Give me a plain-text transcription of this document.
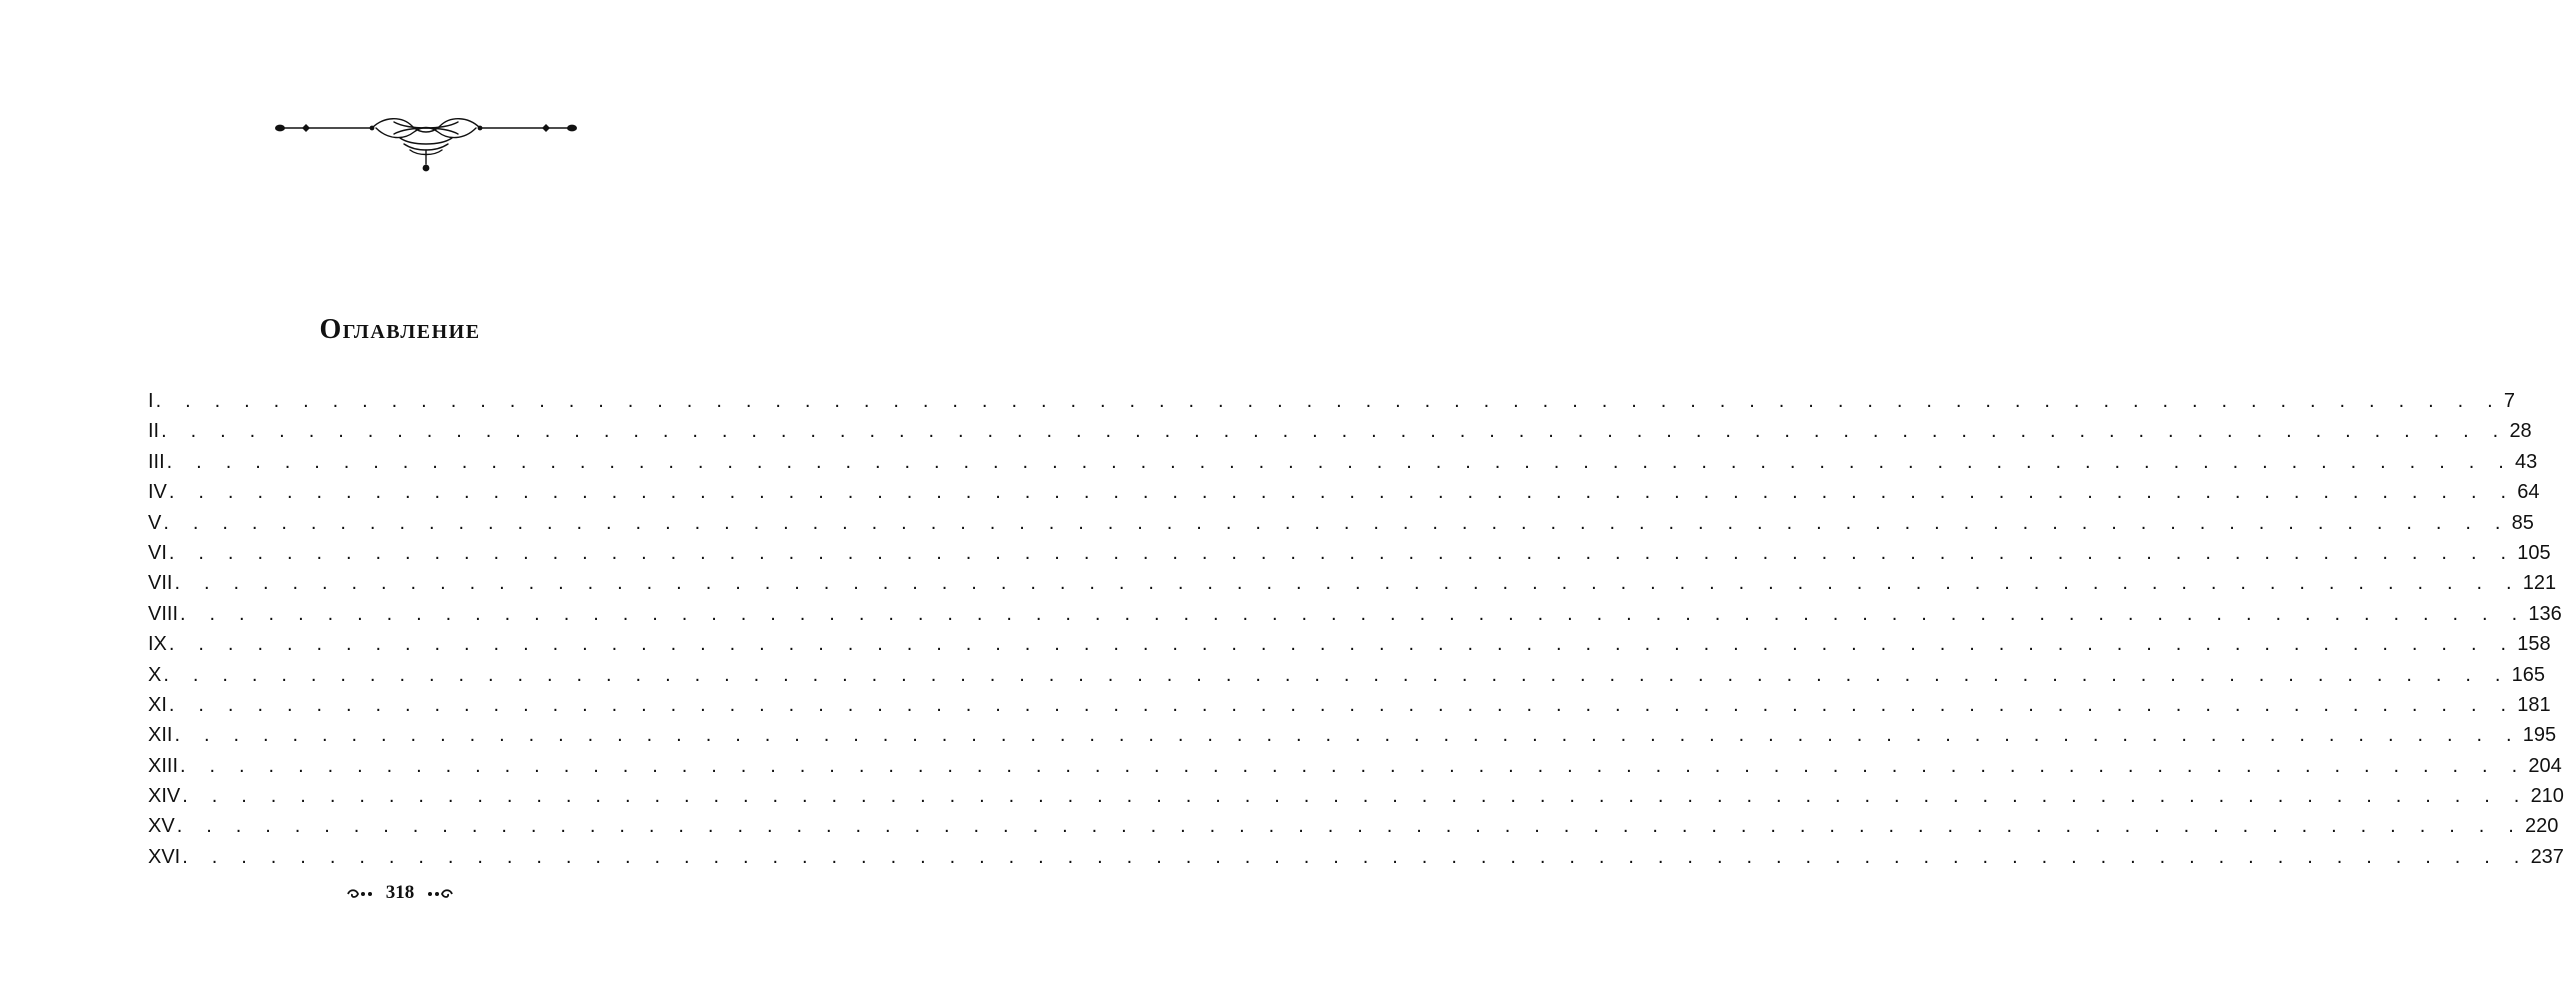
Оглавление
I . . . . . . . . . . . . . . . . . . . . . . . . . . . . . . . . . . . . . . . . . . . . . . . . . . . . . . . . . . . . . . . . . . . . . . . . . . . . . . . . 7
II . . . . . . . . . . . . . . . . . . . . . . . . . . . . . . . . . . . . . . . . . . . . . . . . . . . . . . . . . . . . . . . . . . . . . . . . . . . . . . . . 28
III . . . . . . . . . . . . . . . . . . . . . . . . . . . . . . . . . . . . . . . . . . . . . . . . . . . . . . . . . . . . . . . . . . . . . . . . . . . . . . . . 43
IV . . . . . . . . . . . . . . . . . . . . . . . . . . . . . . . . . . . . . . . . . . . . . . . . . . . . . . . . . . . . . . . . . . . . . . . . . . . . . . . . 64
V . . . . . . . . . . . . . . . . . . . . . . . . . . . . . . . . . . . . . . . . . . . . . . . . . . . . . . . . . . . . . . . . . . . . . . . . . . . . . . . . 85
VI . . . . . . . . . . . . . . . . . . . . . . . . . . . . . . . . . . . . . . . . . . . . . . . . . . . . . . . . . . . . . . . . . . . . . . . . . . . . . . . . 105
VII . . . . . . . . . . . . . . . . . . . . . . . . . . . . . . . . . . . . . . . . . . . . . . . . . . . . . . . . . . . . . . . . . . . . . . . . . . . . . . . . 121
VIII . . . . . . . . . . . . . . . . . . . . . . . . . . . . . . . . . . . . . . . . . . . . . . . . . . . . . . . . . . . . . . . . . . . . . . . . . . . . . . . . 136
IX . . . . . . . . . . . . . . . . . . . . . . . . . . . . . . . . . . . . . . . . . . . . . . . . . . . . . . . . . . . . . . . . . . . . . . . . . . . . . . . . 158
X . . . . . . . . . . . . . . . . . . . . . . . . . . . . . . . . . . . . . . . . . . . . . . . . . . . . . . . . . . . . . . . . . . . . . . . . . . . . . . . . 165
XI . . . . . . . . . . . . . . . . . . . . . . . . . . . . . . . . . . . . . . . . . . . . . . . . . . . . . . . . . . . . . . . . . . . . . . . . . . . . . . . . 181
XII . . . . . . . . . . . . . . . . . . . . . . . . . . . . . . . . . . . . . . . . . . . . . . . . . . . . . . . . . . . . . . . . . . . . . . . . . . . . . . . . 195
XIII . . . . . . . . . . . . . . . . . . . . . . . . . . . . . . . . . . . . . . . . . . . . . . . . . . . . . . . . . . . . . . . . . . . . . . . . . . . . . . . . 204
XIV . . . . . . . . . . . . . . . . . . . . . . . . . . . . . . . . . . . . . . . . . . . . . . . . . . . . . . . . . . . . . . . . . . . . . . . . . . . . . . . . 210
XV . . . . . . . . . . . . . . . . . . . . . . . . . . . . . . . . . . . . . . . . . . . . . . . . . . . . . . . . . . . . . . . . . . . . . . . . . . . . . . . . 220
XVI . . . . . . . . . . . . . . . . . . . . . . . . . . . . . . . . . . . . . . . . . . . . . . . . . . . . . . . . . . . . . . . . . . . . . . . . . . . . . . . . 237
318
